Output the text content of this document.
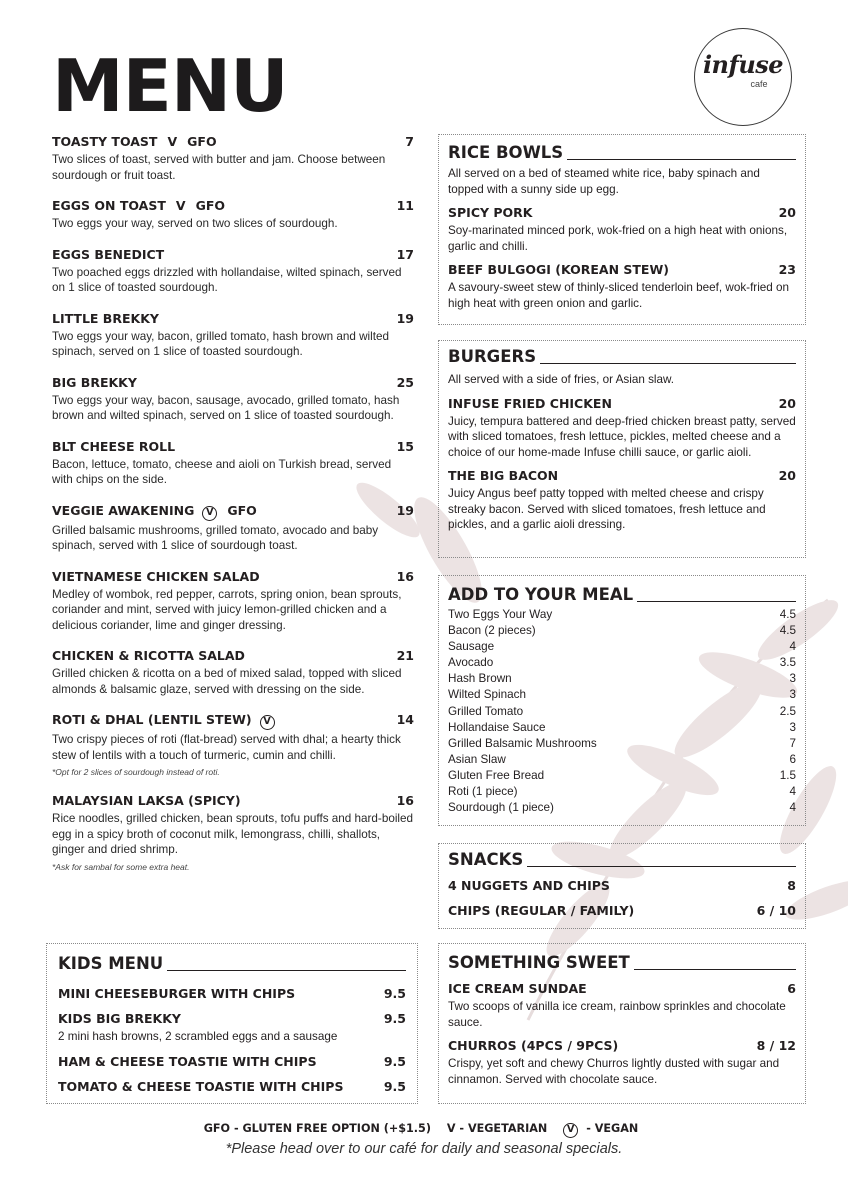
MENU	infuse
cafe
TOASTY TOAST V GFO	7
Two slices of toast, served with butter and jam. Choose between sourdough or fruit toast.
EGGS ON TOAST V GFO	11
Two eggs your way, served on two slices of sourdough.
EGGS BENEDICT	17
Two poached eggs drizzled with hollandaise, wilted spinach, served on 1 slice of toasted sourdough.
LITTLE BREKKY	19
Two eggs your way, bacon, grilled tomato, hash brown and wilted spinach, served on 1 slice of toasted sourdough.
BIG BREKKY	25
Two eggs your way, bacon, sausage, avocado, grilled tomato, hash brown and wilted spinach, served on 1 slice of toasted sourdough.
BLT CHEESE ROLL	15
Bacon, lettuce, tomato, cheese and aioli on Turkish bread, served with chips on the side.
VEGGIE AWAKENING V GFO	19
Grilled balsamic mushrooms, grilled tomato, avocado and baby spinach, served with 1 slice of sourdough toast.
VIETNAMESE CHICKEN SALAD	16
Medley of wombok, red pepper, carrots, spring onion, bean sprouts, coriander and mint, served with juicy lemon-grilled chicken and a delicious coriander, lime and ginger dressing.
CHICKEN & RICOTTA SALAD	21
Grilled chicken & ricotta on a bed of mixed salad, topped with sliced almonds & balsamic glaze, served with dressing on the side.
ROTI & DHAL (LENTIL STEW) V	14
Two crispy pieces of roti (flat-bread) served with dhal; a hearty thick stew of lentils with a touch of turmeric, cumin and chilli.
*Opt for 2 slices of sourdough instead of roti.
MALAYSIAN LAKSA (SPICY)	16
Rice noodles, grilled chicken, bean sprouts, tofu puffs and hard-boiled egg in a spicy broth of coconut milk, lemongrass, chilli, shallots, ginger and dried shrimp.
*Ask for sambal for some extra heat.
RICE BOWLS
All served on a bed of steamed white rice, baby spinach and topped with a sunny side up egg.
SPICY PORK	20
Soy-marinated minced pork, wok-fried on a high heat with onions, garlic and chilli.
BEEF BULGOGI (KOREAN STEW)	23
A savoury-sweet stew of thinly-sliced tenderloin beef, wok-fried on high heat with green onion and garlic.
BURGERS
All served with a side of fries, or Asian slaw.
INFUSE FRIED CHICKEN	20
Juicy, tempura battered and deep-fried chicken breast patty, served with sliced tomatoes, fresh lettuce, pickles, melted cheese and a choice of our home-made Infuse chilli sauce, or garlic aioli.
THE BIG BACON	20
Juicy Angus beef patty topped with melted cheese and crispy streaky bacon. Served with sliced tomatoes, fresh lettuce and pickles, and a garlic aioli dressing.
ADD TO YOUR MEAL
Two Eggs Your Way	4.5
Bacon (2 pieces)	4.5
Sausage	4
Avocado	3.5
Hash Brown	3
Wilted Spinach	3
Grilled Tomato	2.5
Hollandaise Sauce	3
Grilled Balsamic Mushrooms	7
Asian Slaw	6
Gluten Free Bread	1.5
Roti (1 piece)	4
Sourdough (1 piece)	4
SNACKS
4 NUGGETS AND CHIPS	8
CHIPS (REGULAR / FAMILY)	6 / 10
KIDS MENU
MINI CHEESEBURGER WITH CHIPS	9.5
KIDS BIG BREKKY	9.5
2 mini hash browns, 2 scrambled eggs and a sausage
HAM & CHEESE TOASTIE WITH CHIPS	9.5
TOMATO & CHEESE TOASTIE WITH CHIPS	9.5
SOMETHING SWEET
ICE CREAM SUNDAE	6
Two scoops of vanilla ice cream, rainbow sprinkles and chocolate sauce.
CHURROS (4PCS / 9PCS)	8 / 12
Crispy, yet soft and chewy Churros lightly dusted with sugar and cinnamon. Served with chocolate sauce.
GFO - GLUTEN FREE OPTION (+$1.5) V - VEGETARIAN V - VEGAN
*Please head over to our café for daily and seasonal specials.
